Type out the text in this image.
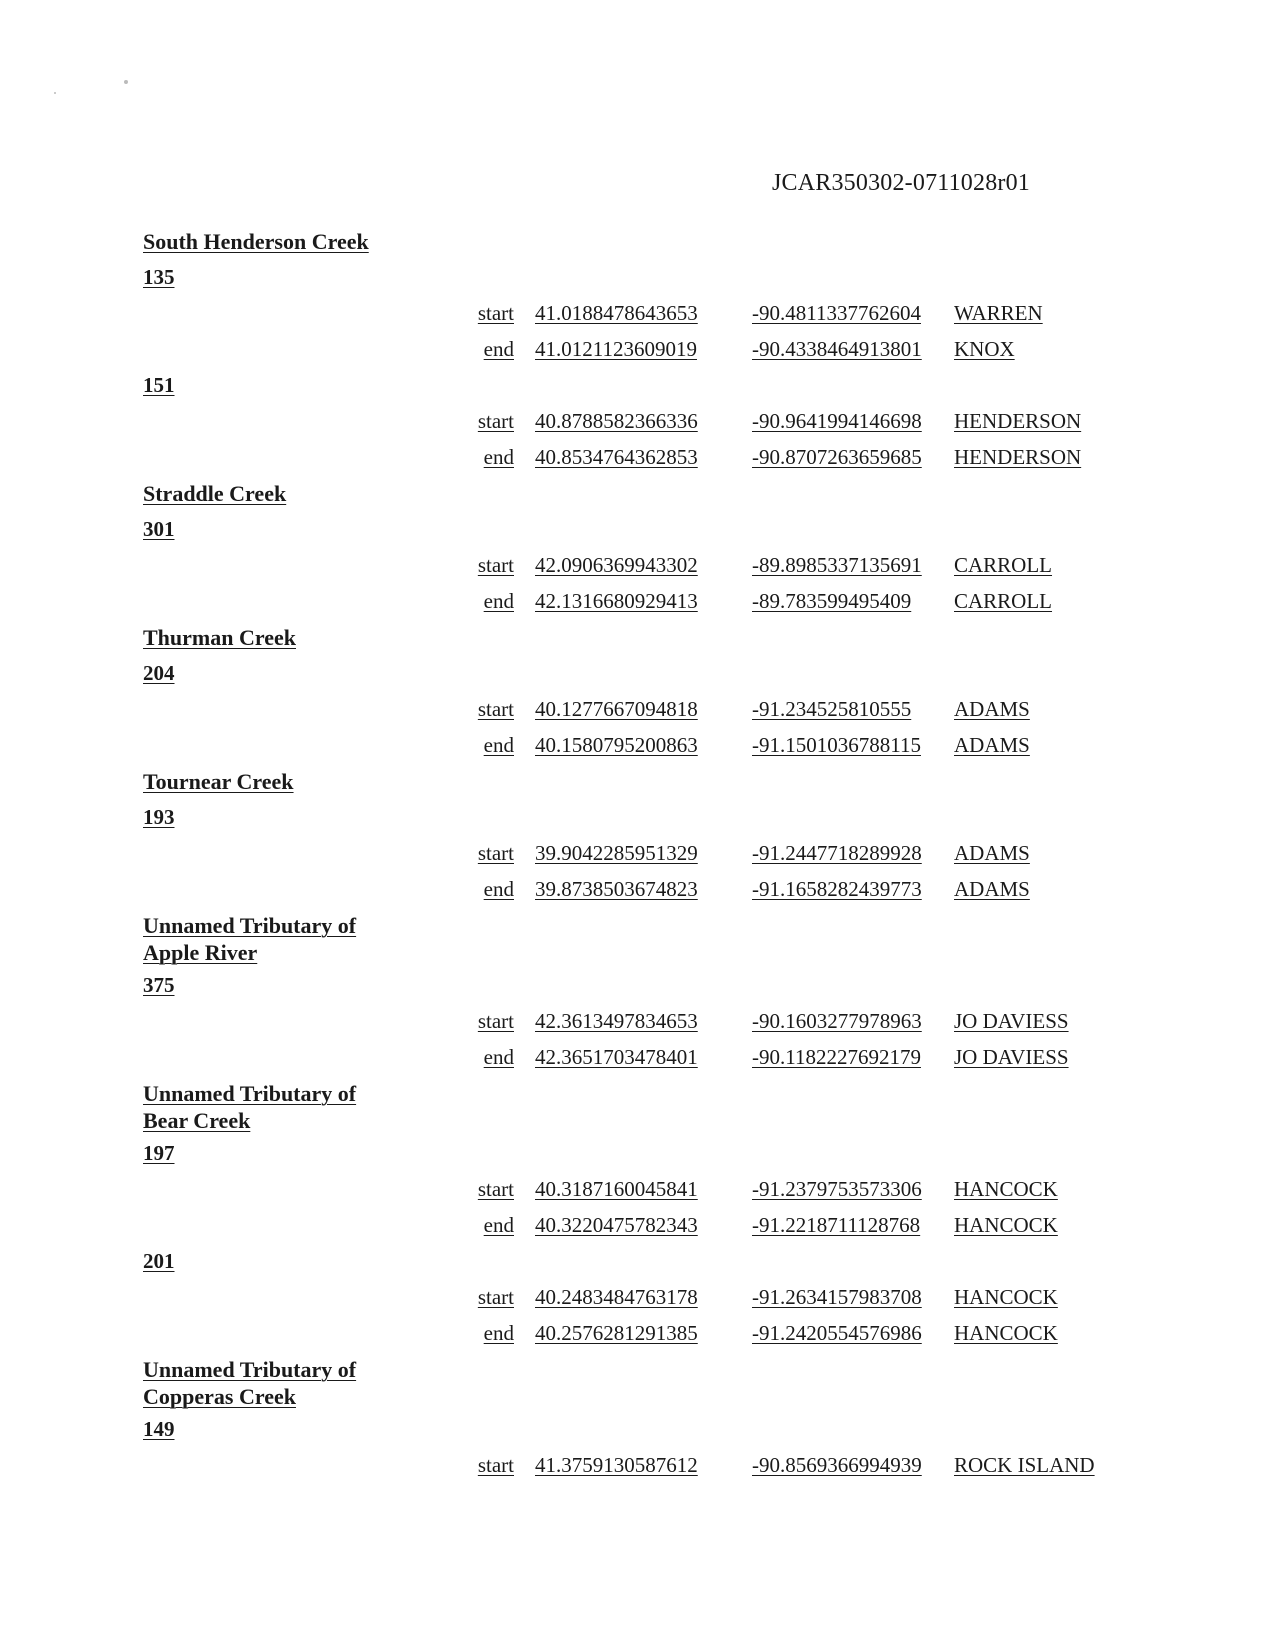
JCAR350302-0711028r01
South Henderson Creek
135
start 41.0188478643653	-90.4811337762604 WARREN
end 41.0121123609019	-90.4338464913801 KNOX
151
start 40.8788582366336	-90.9641994146698 HENDERSON
end 40.8534764362853	-90.8707263659685 HENDERSON
Straddle Creek
301
start 42.0906369943302	-89.8985337135691 CARROLL
end 42.1316680929413	-89.783599495409 CARROLL
Thurman Creek
204
start 40.1277667094818	-91.234525810555 ADAMS
end 40.1580795200863	-91.1501036788115 ADAMS
Tournear Creek
193
start 39.9042285951329	-91.2447718289928 ADAMS
end 39.8738503674823	-91.1658282439773 ADAMS
Unnamed Tributary of Apple River
375
start 42.3613497834653	-90.1603277978963 JO DAVIESS
end 42.3651703478401	-90.1182227692179 JO DAVIESS
Unnamed Tributary of Bear Creek
197
start 40.3187160045841	-91.2379753573306 HANCOCK
end 40.3220475782343	-91.2218711128768 HANCOCK
201
start 40.2483484763178	-91.2634157983708 HANCOCK
end 40.2576281291385	-91.2420554576986 HANCOCK
Unnamed Tributary of Copperas Creek
149
start 41.3759130587612	-90.8569366994939 ROCK ISLAND
